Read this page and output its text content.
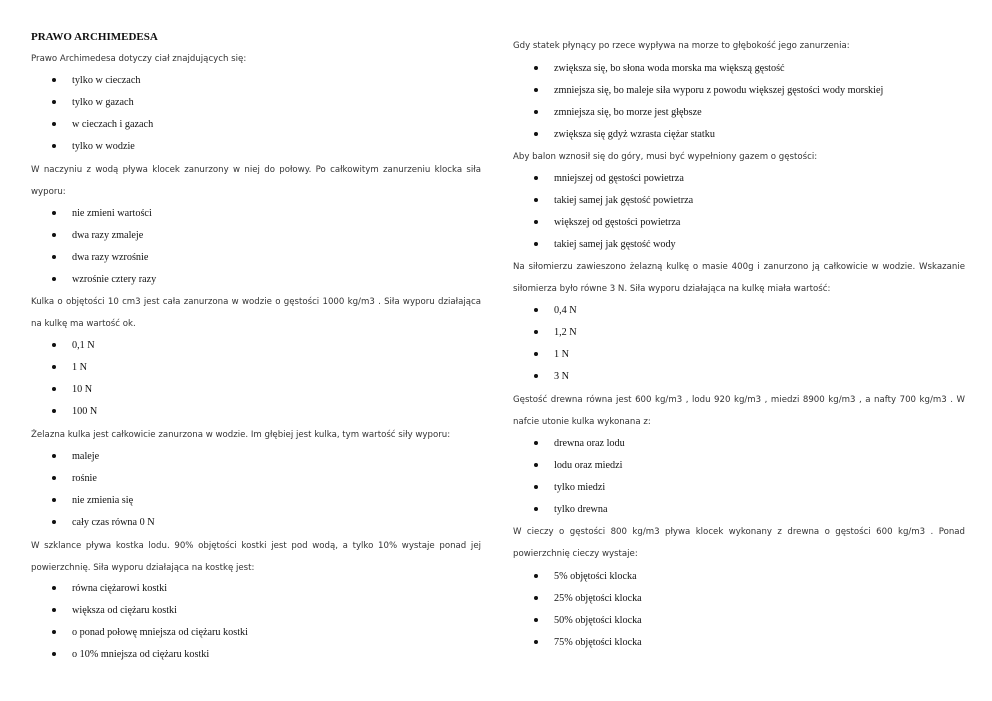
PRAWO ARCHIMEDESA
Prawo Archimedesa dotyczy ciał znajdujących się:
tylko w cieczach
tylko w gazach
w cieczach i gazach
tylko w wodzie
W naczyniu z wodą pływa klocek zanurzony w niej do połowy. Po całkowitym zanurzeniu klocka siła wyporu:
nie zmieni wartości
dwa razy zmaleje
dwa razy wzrośnie
wzrośnie cztery razy
Kulka o objętości 10 cm3 jest cała zanurzona w wodzie o gęstości 1000 kg/m3 . Siła wyporu działająca na kulkę ma wartość ok.
0,1 N
1 N
10 N
100 N
Żelazna kulka jest całkowicie zanurzona w wodzie. Im głębiej jest kulka, tym wartość siły wyporu:
maleje
rośnie
nie zmienia się
cały czas równa 0 N
W szklance pływa kostka lodu. 90% objętości kostki jest pod wodą, a tylko 10% wystaje ponad jej powierzchnię. Siła wyporu działająca na kostkę jest:
równa ciężarowi kostki
większa od ciężaru kostki
o ponad połowę mniejsza od ciężaru kostki
o 10% mniejsza od ciężaru kostki
Gdy statek płynący po rzece wypływa na morze to głębokość jego zanurzenia:
zwiększa się, bo słona woda morska ma większą gęstość
zmniejsza się, bo maleje siła wyporu z powodu większej gęstości wody morskiej
zmniejsza się, bo morze jest głębsze
zwiększa się gdyż wzrasta ciężar statku
Aby balon wznosił się do góry, musi być wypełniony gazem o gęstości:
mniejszej od gęstości powietrza
takiej samej jak gęstość powietrza
większej od gęstości powietrza
takiej samej jak gęstość wody
Na siłomierzu zawieszono żelazną kulkę o masie 400g i zanurzono ją całkowicie w wodzie. Wskazanie siłomierza było równe 3 N. Siła wyporu działająca na kulkę miała wartość:
0,4 N
1,2 N
1 N
3 N
Gęstość drewna równa jest 600 kg/m3 , lodu 920 kg/m3 , miedzi 8900 kg/m3 , a nafty 700 kg/m3 . W nafcie utonie kulka wykonana z:
drewna oraz lodu
lodu oraz miedzi
tylko miedzi
tylko drewna
W cieczy o gęstości 800 kg/m3 pływa klocek wykonany z drewna o gęstości 600 kg/m3 . Ponad powierzchnię cieczy wystaje:
5% objętości klocka
25% objętości klocka
50% objętości klocka
75% objętości klocka
